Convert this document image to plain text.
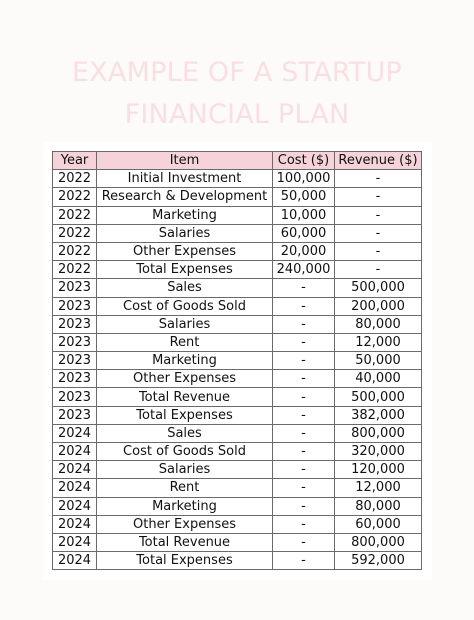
EXAMPLE OF A STARTUP
FINANCIAL PLAN
Year	Item	Cost ($)	Revenue ($)
2022	Initial Investment	100,000	-
2022	Research & Development	50,000	-
2022	Marketing	10,000	-
2022	Salaries	60,000	-
2022	Other Expenses	20,000	-
2022	Total Expenses	240,000	-
2023	Sales	-	500,000
2023	Cost of Goods Sold	-	200,000
2023	Salaries	-	80,000
2023	Rent	-	12,000
2023	Marketing	-	50,000
2023	Other Expenses	-	40,000
2023	Total Revenue	-	500,000
2023	Total Expenses	-	382,000
2024	Sales	-	800,000
2024	Cost of Goods Sold	-	320,000
2024	Salaries	-	120,000
2024	Rent	-	12,000
2024	Marketing	-	80,000
2024	Other Expenses	-	60,000
2024	Total Revenue	-	800,000
2024	Total Expenses	-	592,000
